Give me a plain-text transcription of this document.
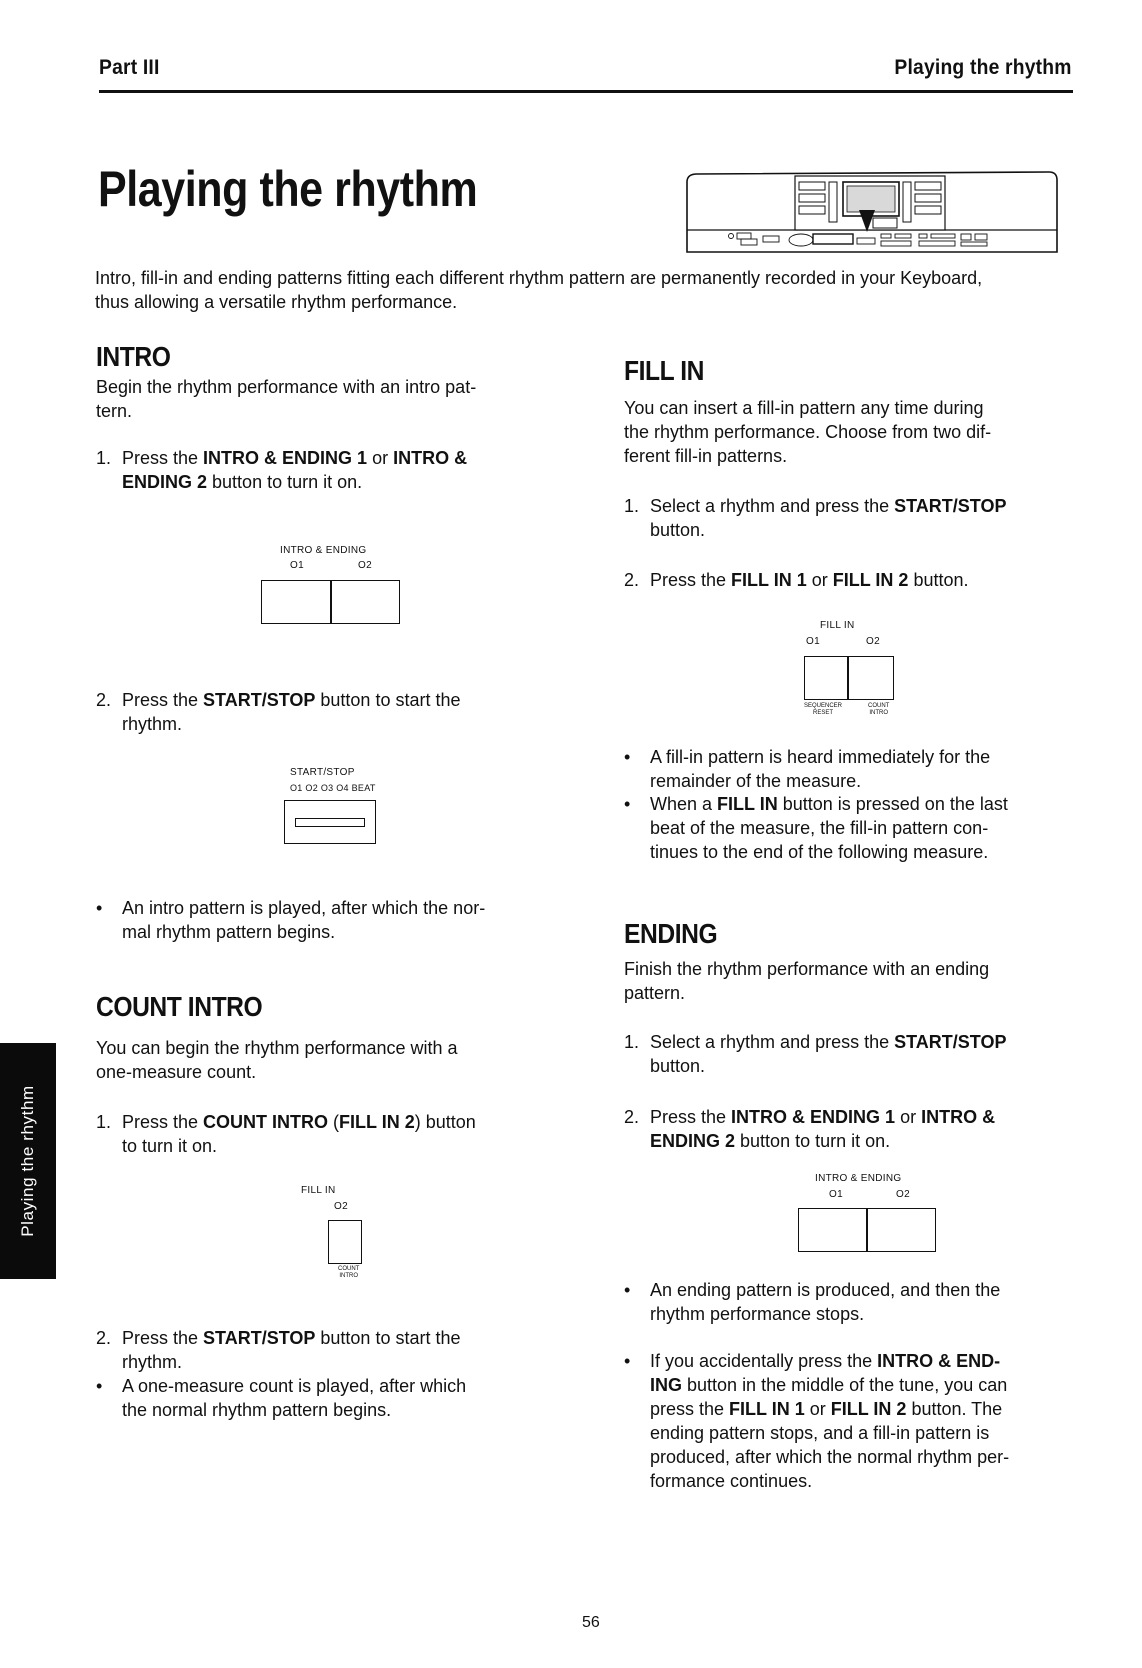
Part III	Playing the rhythm
Playing the rhythm
Intro, fill-in and ending patterns fitting each different rhythm pattern are permanently recorded in your Keyboard, thus allowing a versatile rhythm performance.
INTRO
Begin the rhythm performance with an intro pat-
tern.
1. Press the INTRO & ENDING 1 or INTRO &
ENDING 2 button to turn it on.
INTRO & ENDING
O1	O2
2. Press the START/STOP button to start the
rhythm.
START/STOP
O1 O2 O3 O4 BEAT
• An intro pattern is played, after which the nor-
mal rhythm pattern begins.
COUNT INTRO
You can begin the rhythm performance with a
one-measure count.
1. Press the COUNT INTRO (FILL IN 2) button
to turn it on.
FILL IN
O2
COUNT
INTRO
2. Press the START/STOP button to start the
rhythm.
• A one-measure count is played, after which
the normal rhythm pattern begins.
FILL IN
You can insert a fill-in pattern any time during
the rhythm performance. Choose from two dif-
ferent fill-in patterns.
1. Select a rhythm and press the START/STOP
button.
2. Press the FILL IN 1 or FILL IN 2 button.
FILL IN
O1	O2
SEQUENCER
RESET
COUNT
INTRO
• A fill-in pattern is heard immediately for the
remainder of the measure.
• When a FILL IN button is pressed on the last
beat of the measure, the fill-in pattern con-
tinues to the end of the following measure.
ENDING
Finish the rhythm performance with an ending
pattern.
1. Select a rhythm and press the START/STOP
button.
2. Press the INTRO & ENDING 1 or INTRO &
ENDING 2 button to turn it on.
INTRO & ENDING
O1	O2
• An ending pattern is produced, and then the
rhythm performance stops.
• If you accidentally press the INTRO & END-
ING button in the middle of the tune, you can
press the FILL IN 1 or FILL IN 2 button. The
ending pattern stops, and a fill-in pattern is
produced, after which the normal rhythm per-
formance continues.
Playing the rhythm
56
